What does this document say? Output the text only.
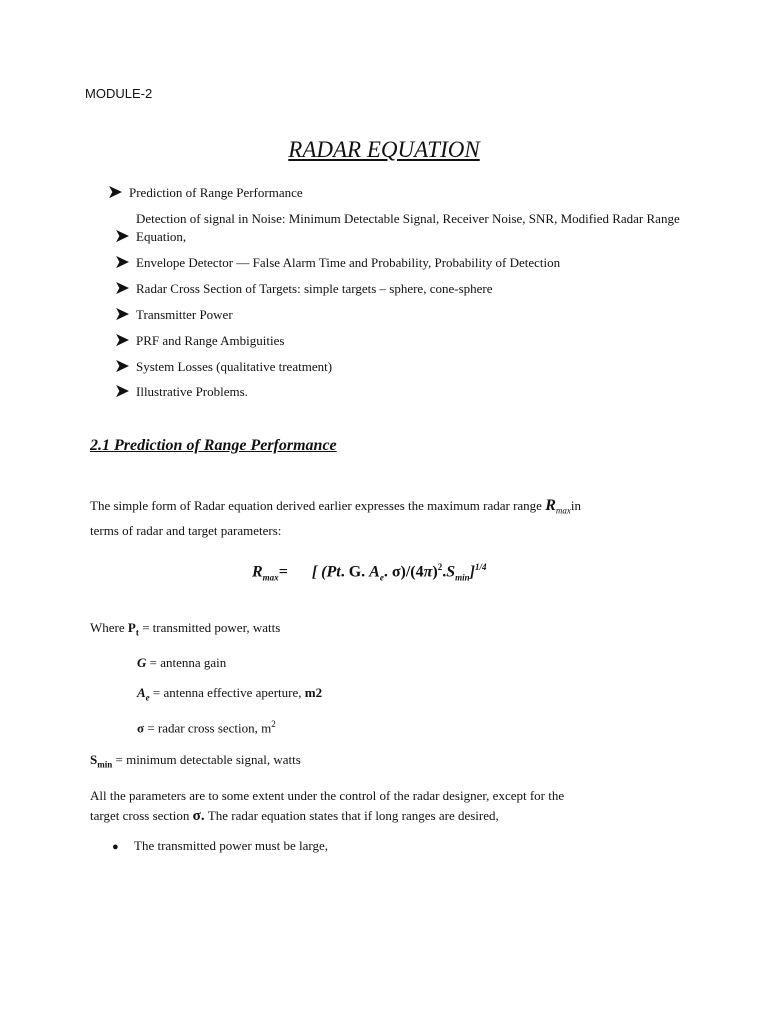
MODULE-2
RADAR EQUATION
➤ Prediction of Range Performance
➤Detection of signal in Noise: Minimum Detectable Signal, Receiver Noise, SNR, Modified Radar Range Equation,
➤ Envelope Detector — False Alarm Time and Probability, Probability of Detection
➤ Radar Cross Section of Targets: simple targets – sphere, cone-sphere
➤ Transmitter Power
➤ PRF and Range Ambiguities
➤ System Losses (qualitative treatment)
➤ Illustrative Problems.
2.1 Prediction of Range Performance
The simple form of Radar equation derived earlier expresses the maximum radar range $R_{max}in$
terms of radar and target parameters:
$R_{max}=$ [ (Pt. G. $A_e$. $\sigma)/(4\pi)^2.S_{min}]^{1/4}$
Where $P_t$ = transmitted power, watts
G = antenna gain
$A_e$ = antenna effective aperture, m2
σ = radar cross section, $m^2$
$S_{min}$ = minimum detectable signal, watts
All the parameters are to some extent under the control of the radar designer, except for the
target cross section σ. The radar equation states that if long ranges are desired,
● The transmitted power must be large,
